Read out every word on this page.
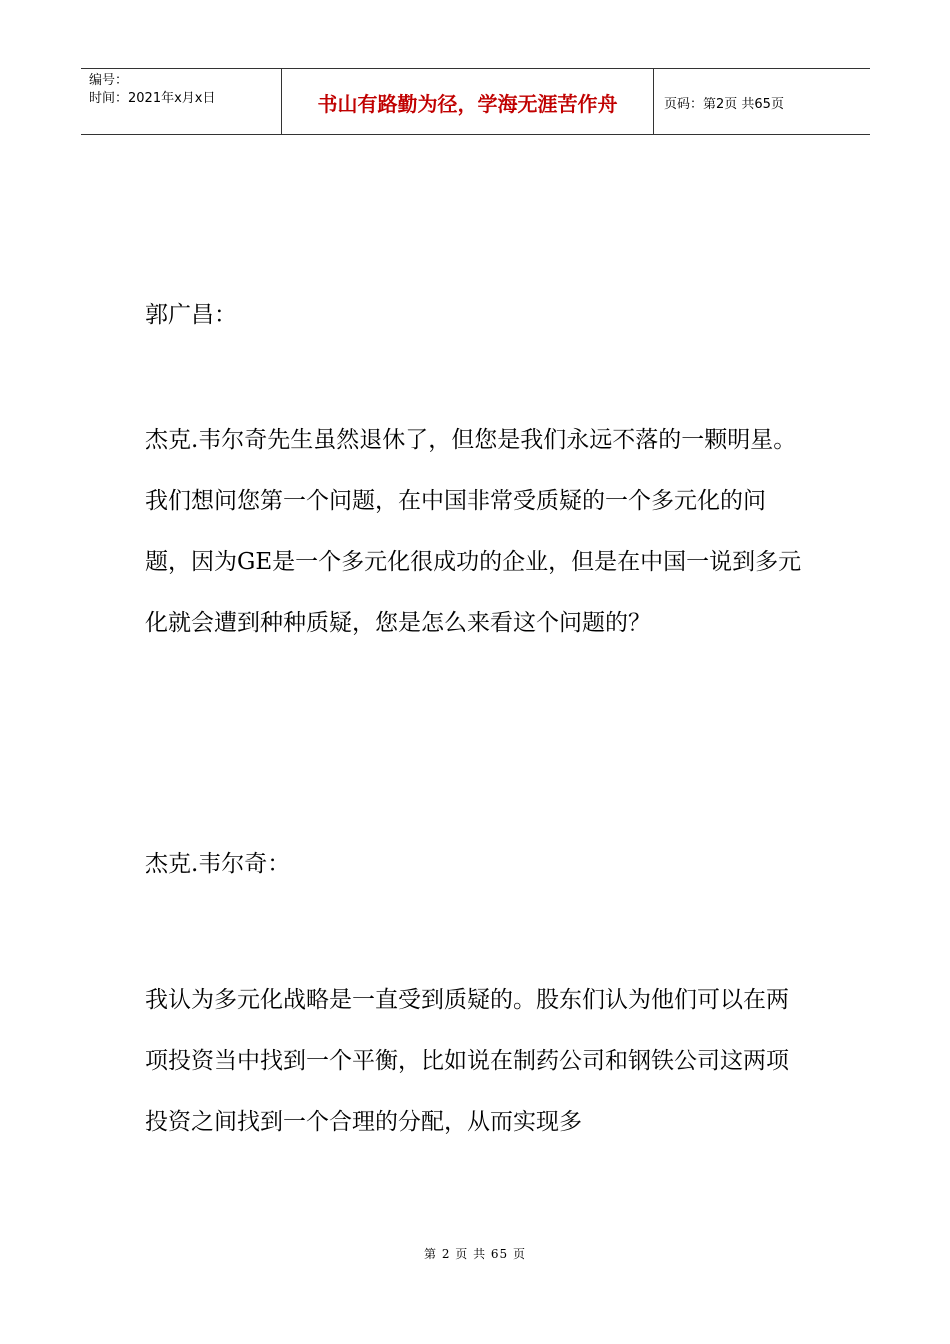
编号：
时间：2021年x月x日	书山有路勤为径，学海无涯苦作舟	页码：第2页 共65页

郭广昌：

杰克.韦尔奇先生虽然退休了，但您是我们永远不落的一颗明星。我们想问您第一个问题，在中国非常受质疑的一个多元化的问题，因为GE是一个多元化很成功的企业，但是在中国一说到多元化就会遭到种种质疑，您是怎么来看这个问题的？

杰克.韦尔奇：

我认为多元化战略是一直受到质疑的。股东们认为他们可以在两项投资当中找到一个平衡，比如说在制药公司和钢铁公司这两项投资之间找到一个合理的分配，从而实现多

第 2 页 共 65 页
